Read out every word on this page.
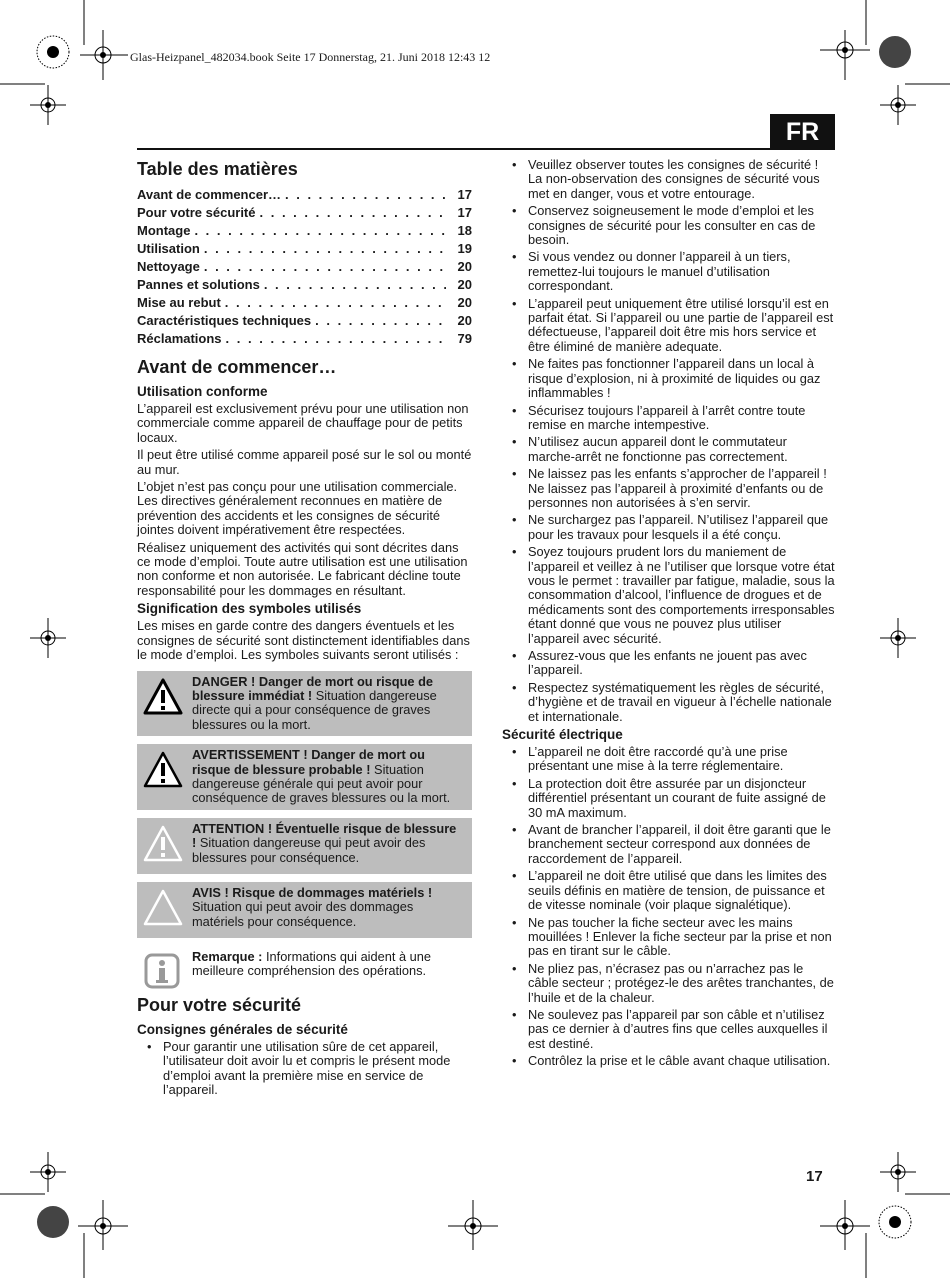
Glas-Heizpanel_482034.book Seite 17 Donnerstag, 21. Juni 2018 12:43 12
FR
Table des matières
Avant de commencer… . . .	17
Pour votre sécurité . . .	17
Montage . . .	18
Utilisation . . .	19
Nettoyage . . .	20
Pannes et solutions . . .	20
Mise au rebut . . .	20
Caractéristiques techniques . . .	20
Réclamations . . .	79
Avant de commencer…
Utilisation conforme

L’appareil est exclusivement prévu pour une utilisation non commerciale comme appareil de chauffage pour de petits locaux.

Il peut être utilisé comme appareil posé sur le sol ou monté au mur.

L’objet n’est pas conçu pour une utilisation commerciale. Les directives généralement reconnues en matière de prévention des accidents et les consignes de sécurité jointes doivent impérativement être respectées.

Réalisez uniquement des activités qui sont décrites dans ce mode d’emploi. Toute autre utilisation est une utilisation non conforme et non autorisée. Le fabricant décline toute responsabilité pour les dommages en résultant.

Signification des symboles utilisés

Les mises en garde contre des dangers éventuels et les consignes de sécurité sont distinctement identifiables dans le mode d’emploi. Les symboles suivants seront utilisés :

DANGER ! Danger de mort ou risque de blessure immédiat ! Situation dangereuse directe qui a pour conséquence de graves blessures ou la mort.
AVERTISSEMENT ! Danger de mort ou risque de blessure probable ! Situation dangereuse générale qui peut avoir pour conséquence de graves blessures ou la mort.
ATTENTION ! Éventuelle risque de blessure ! Situation dangereuse qui peut avoir des blessures pour conséquence.
AVIS ! Risque de dommages matériels ! Situation qui peut avoir des dommages matériels pour conséquence.
Remarque : Informations qui aident à une meilleure compréhension des opérations.
Pour votre sécurité
Consignes générales de sécurité
• Pour garantir une utilisation sûre de cet appareil, l’utilisateur doit avoir lu et compris le présent mode d’emploi avant la première mise en service de l’appareil.
• Veuillez observer toutes les consignes de sécurité ! La non-observation des consignes de sécurité vous met en danger, vous et votre entourage.
• Conservez soigneusement le mode d’emploi et les consignes de sécurité pour les consulter en cas de besoin.
• Si vous vendez ou donner l’appareil à un tiers, remettez-lui toujours le manuel d’utilisation correspondant.
• L’appareil peut uniquement être utilisé lorsqu’il est en parfait état. Si l’appareil ou une partie de l’appareil est défectueuse, l’appareil doit être mis hors service et être éliminé de manière adequate.
• Ne faites pas fonctionner l’appareil dans un local à risque d’explosion, ni à proximité de liquides ou gaz inflammables !
• Sécurisez toujours l’appareil à l’arrêt contre toute remise en marche intempestive.
• N’utilisez aucun appareil dont le commutateur marche-arrêt ne fonctionne pas correctement.
• Ne laissez pas les enfants s’approcher de l’appareil ! Ne laissez pas l’appareil à proximité d’enfants ou de personnes non autorisées à s’en servir.
• Ne surchargez pas l’appareil. N’utilisez l’appareil que pour les travaux pour lesquels il a été conçu.
• Soyez toujours prudent lors du maniement de l’appareil et veillez à ne l’utiliser que lorsque votre état vous le permet : travailler par fatigue, maladie, sous la consommation d’alcool, l’influence de drogues et de médicaments sont des comportements irresponsables étant donné que vous ne pouvez plus utiliser l’appareil avec sécurité.
• Assurez-vous que les enfants ne jouent pas avec l’appareil.
• Respectez systématiquement les règles de sécurité, d’hygiène et de travail en vigueur à l’échelle nationale et internationale.
Sécurité électrique
• L’appareil ne doit être raccordé qu’à une prise présentant une mise à la terre réglementaire.
• La protection doit être assurée par un disjoncteur différentiel présentant un courant de fuite assigné de 30 mA maximum.
• Avant de brancher l’appareil, il doit être garanti que le branchement secteur correspond aux données de raccordement de l’appareil.
• L’appareil ne doit être utilisé que dans les limites des seuils définis en matière de tension, de puissance et de vitesse nominale (voir plaque signalétique).
• Ne pas toucher la fiche secteur avec les mains mouillées ! Enlever la fiche secteur par la prise et non pas en tirant sur le câble.
• Ne pliez pas, n’écrasez pas ou n’arrachez pas le câble secteur ; protégez-le des arêtes tranchantes, de l’huile et de la chaleur.
• Ne soulevez pas l’appareil par son câble et n’utilisez pas ce dernier à d’autres fins que celles auxquelles il est destiné.
• Contrôlez la prise et le câble avant chaque utilisation.
17
